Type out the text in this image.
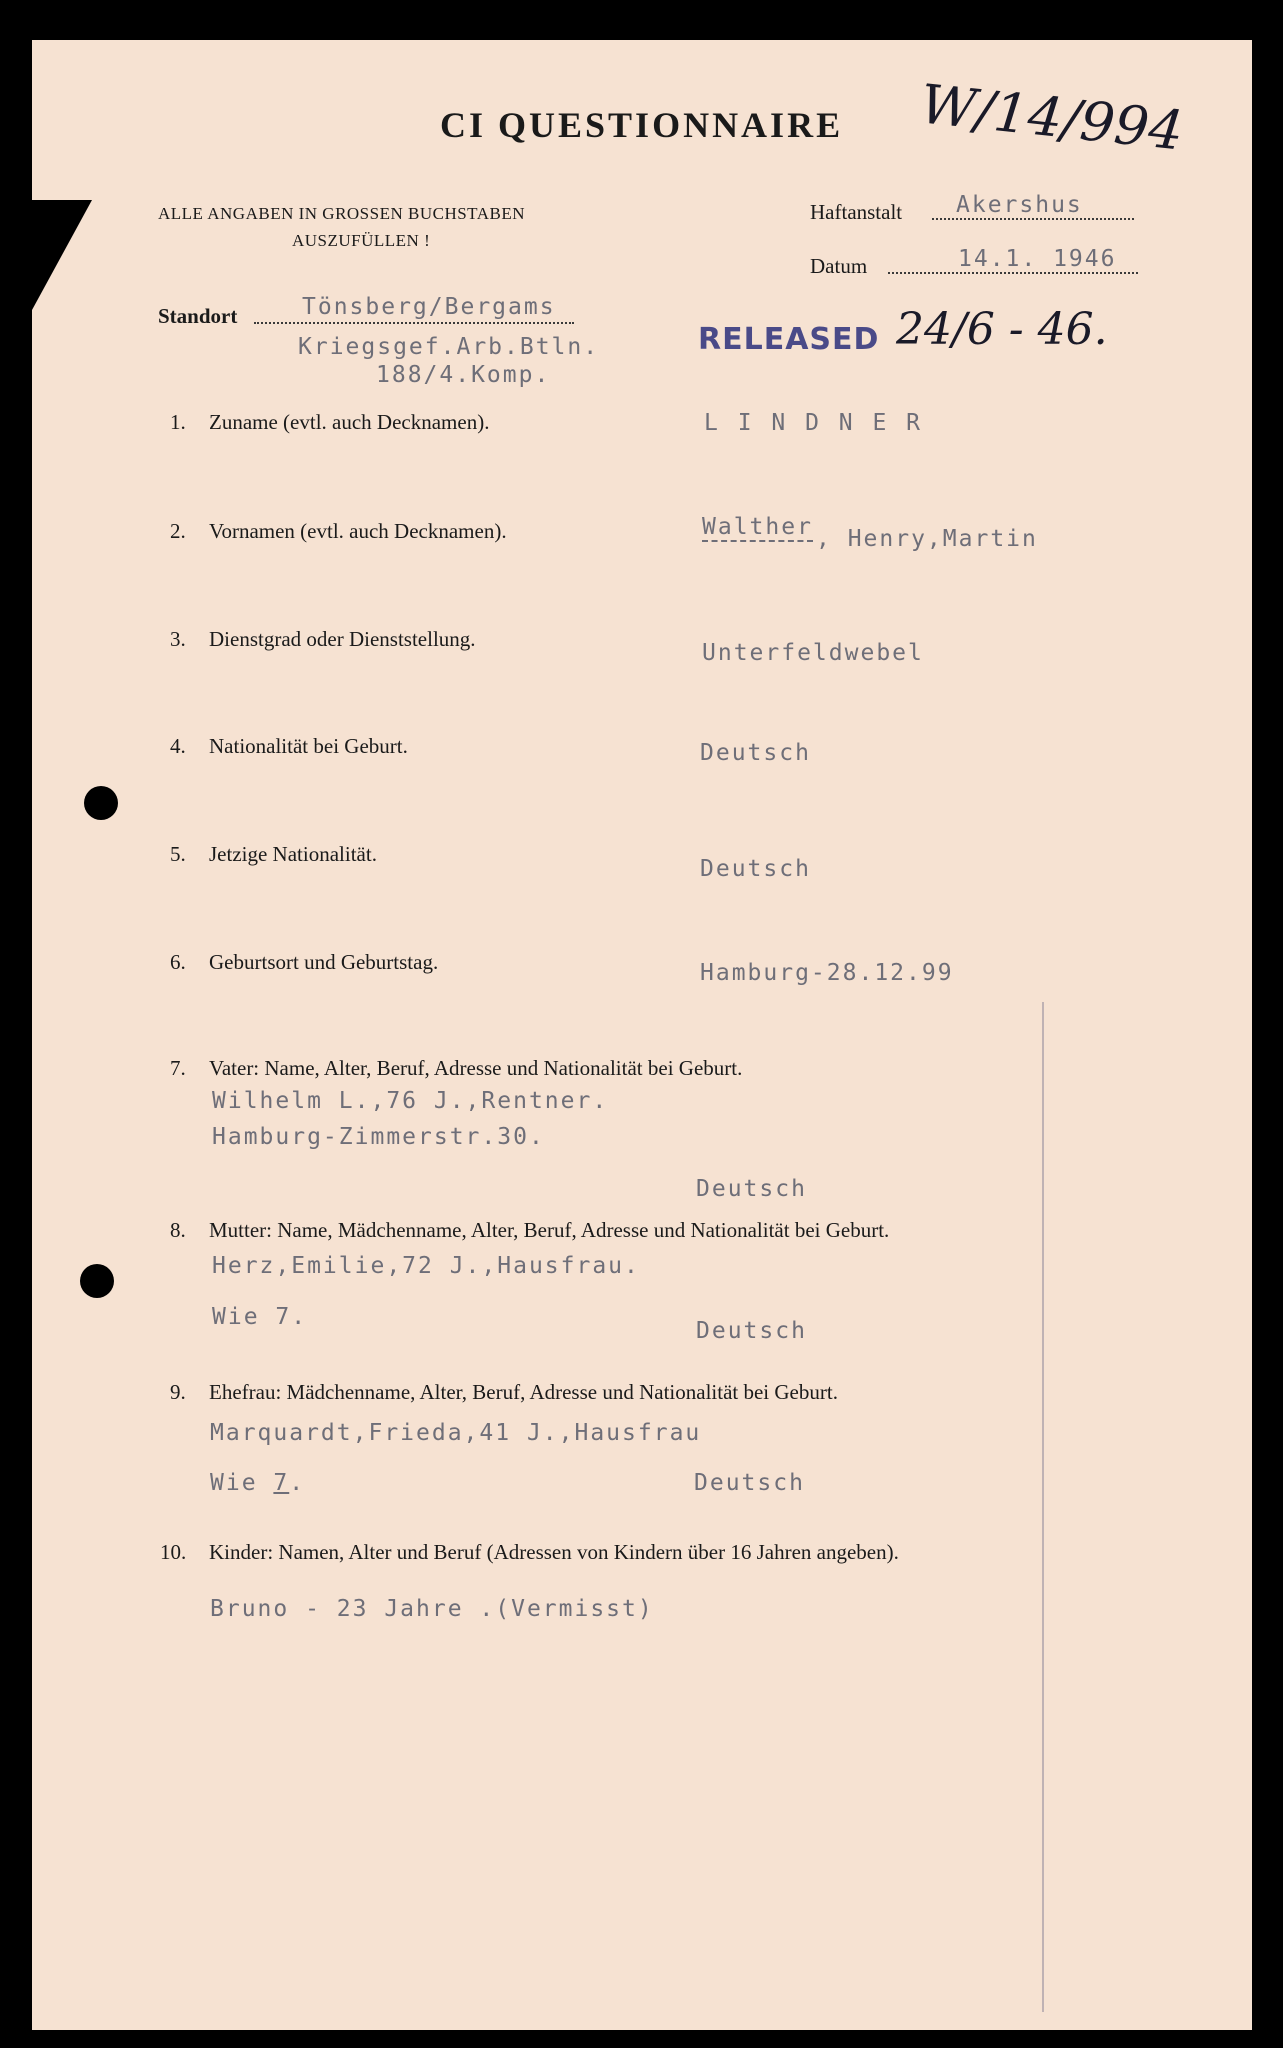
CI QUESTIONNAIRE W/14/994
ALLE ANGABEN IN GROSSEN BUCHSTABEN
AUSZUFÜLLEN !
Haftanstalt Akershus
Datum	14.1. 1946
Standort	Tönsberg/Bergams
Kriegsgef.Arb.Btln.
188/4.Komp.
RELEASED 24/6 - 46.
1. Zuname (evtl. auch Decknamen).	L I N D N E R
2. Vornamen (evtl. auch Decknamen).	Walther , Henry,Martin
3. Dienstgrad oder Dienststellung.
Unterfeldwebel
4. Nationalität bei Geburt.	Deutsch
5. Jetzige Nationalität.
Deutsch
6. Geburtsort und Geburtstag.	Hamburg-28.12.99
7. Vater: Name, Alter, Beruf, Adresse und Nationalität bei Geburt.
Wilhelm L.,76 J.,Rentner.
Hamburg-Zimmerstr.30.
Deutsch
8. Mutter: Name, Mädchenname, Alter, Beruf, Adresse und Nationalität bei Geburt.
Herz,Emilie,72 J.,Hausfrau.
Wie 7.
Deutsch
9. Ehefrau: Mädchenname, Alter, Beruf, Adresse und Nationalität bei Geburt.
Marquardt,Frieda,41 J.,Hausfrau
Wie 7.	Deutsch
10. Kinder: Namen, Alter und Beruf (Adressen von Kindern über 16 Jahren angeben).
Bruno - 23 Jahre .(Vermisst)
